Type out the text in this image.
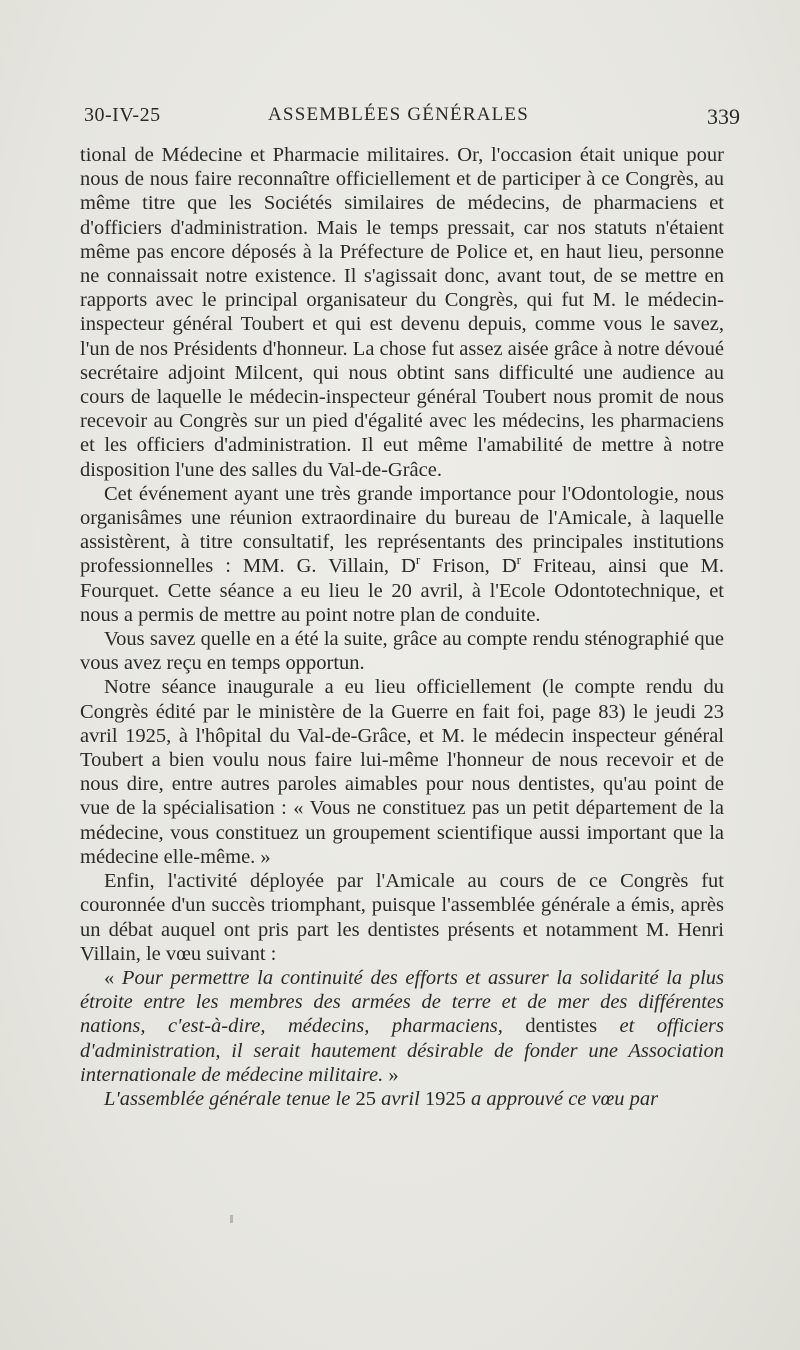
30-IV-25	ASSEMBLÉES GÉNÉRALES	339

tional de Médecine et Pharmacie militaires. Or, l'occasion était unique pour nous de nous faire reconnaître officiellement et de participer à ce Congrès, au même titre que les Sociétés similaires de médecins, de pharmaciens et d'officiers d'administration. Mais le temps pressait, car nos statuts n'étaient même pas encore déposés à la Préfecture de Police et, en haut lieu, personne ne connaissait notre existence. Il s'agissait donc, avant tout, de se mettre en rapports avec le principal organisateur du Congrès, qui fut M. le médecin-inspecteur général Toubert et qui est devenu depuis, comme vous le savez, l'un de nos Présidents d'honneur. La chose fut assez aisée grâce à notre dévoué secrétaire adjoint Milcent, qui nous obtint sans difficulté une audience au cours de laquelle le médecin-inspecteur général Toubert nous promit de nous recevoir au Congrès sur un pied d'égalité avec les médecins, les pharmaciens et les officiers d'administration. Il eut même l'amabilité de mettre à notre disposition l'une des salles du Val-de-Grâce.

Cet événement ayant une très grande importance pour l'Odontologie, nous organisâmes une réunion extraordinaire du bureau de l'Amicale, à laquelle assistèrent, à titre consultatif, les représentants des principales institutions professionnelles : MM. G. Villain, $D^r$ Frison, $D^r$ Friteau, ainsi que M. Fourquet. Cette séance a eu lieu le 20 avril, à l'Ecole Odontotechnique, et nous a permis de mettre au point notre plan de conduite.

Vous savez quelle en a été la suite, grâce au compte rendu sténographié que vous avez reçu en temps opportun.

Notre séance inaugurale a eu lieu officiellement (le compte rendu du Congrès édité par le ministère de la Guerre en fait foi, page 83) le jeudi 23 avril 1925, à l'hôpital du Val-de-Grâce, et M. le médecin inspecteur général Toubert a bien voulu nous faire lui-même l'honneur de nous recevoir et de nous dire, entre autres paroles aimables pour nous dentistes, qu'au point de vue de la spécialisation : « Vous ne constituez pas un petit département de la médecine, vous constituez un groupement scientifique aussi important que la médecine elle-même. »

Enfin, l'activité déployée par l'Amicale au cours de ce Congrès fut couronnée d'un succès triomphant, puisque l'assemblée générale a émis, après un débat auquel ont pris part les dentistes présents et notamment M. Henri Villain, le vœu suivant :

« Pour permettre la continuité des efforts et assurer la solidarité la plus étroite entre les membres des armées de terre et de mer des différentes nations, c'est-à-dire, médecins, pharmaciens, dentistes et officiers d'administration, il serait hautement désirable de fonder une Association internationale de médecine militaire. »

L'assemblée générale tenue le 25 avril 1925 a approuvé ce vœu par
